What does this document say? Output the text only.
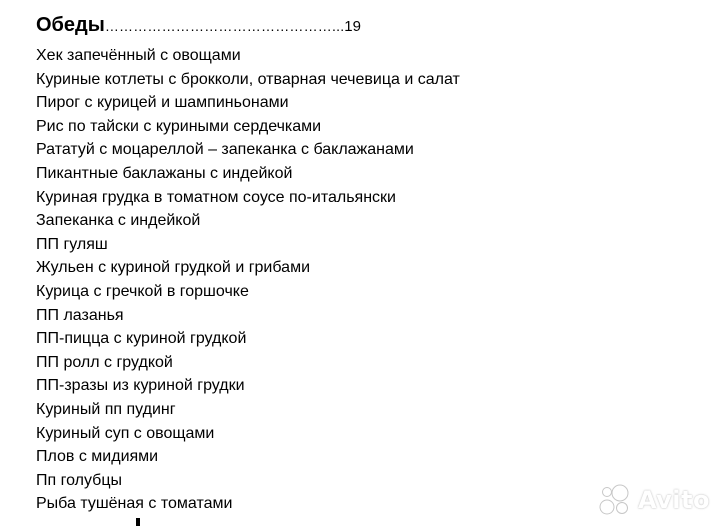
Обеды …………………………………………... 19
Хек запечённый с овощами
Куриные котлеты с брокколи, отварная чечевица и салат
Пирог с курицей и шампиньонами
Рис по тайски с куриными сердечками
Рататуй с моцареллой – запеканка с баклажанами
Пикантные баклажаны с индейкой
Куриная грудка в томатном соусе по-итальянски
Запеканка с индейкой
ПП гуляш
Жульен с куриной грудкой и грибами
Курица с гречкой в горшочке
ПП лазанья
ПП-пицца с куриной грудкой
ПП ролл с грудкой
ПП-зразы из куриной грудки
Куриный пп пудинг
Куриный суп с овощами
Плов с мидиями
Пп голубцы
Рыба тушёная с томатами	Avito
